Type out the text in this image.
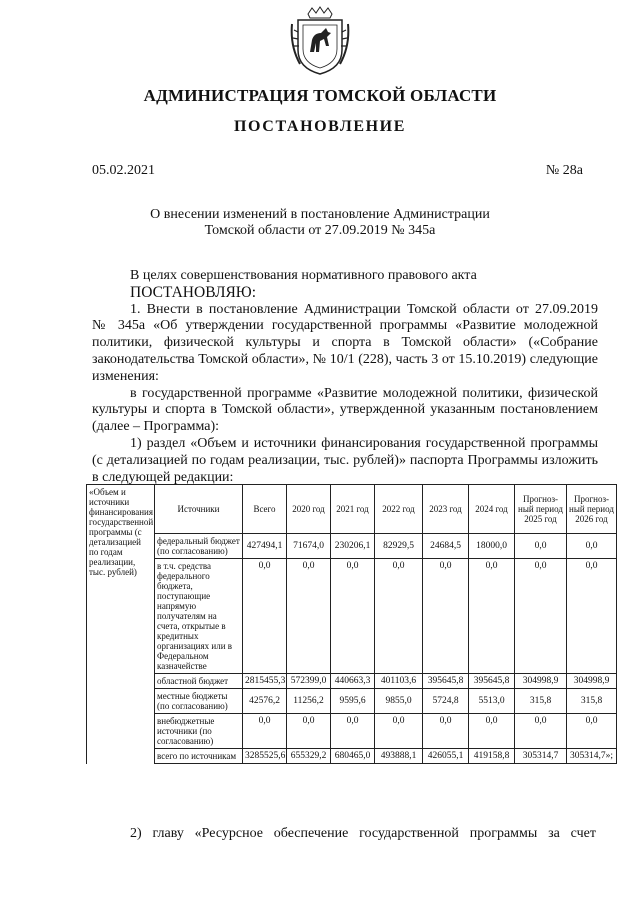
АДМИНИСТРАЦИЯ ТОМСКОЙ ОБЛАСТИ
ПОСТАНОВЛЕНИЕ
05.02.2021	№ 28а
О внесении изменений в постановление Администрации
Томской области от 27.09.2019 № 345а

В целях совершенствования нормативного правового акта

ПОСТАНОВЛЯЮ:

1. Внести в постановление Администрации Томской области от 27.09.2019

№ 345а «Об утверждении государственной программы «Развитие молодежной политики, физической культуры и спорта в Томской области» («Собрание законодательства Томской области», № 10/1 (228), часть 3 от 15.10.2019) следующие изменения:

в государственной программе «Развитие молодежной политики, физической культуры и спорта в Томской области», утвержденной указанным постановлением (далее – Программа):

1) раздел «Объем и источники финансирования государственной программы (с детализацией по годам реализации, тыс. рублей)» паспорта Программы изложить в следующей редакции:

«Объем и источники финансирования государственной программы (с детализацией по годам реализации, тыс. рублей)	Источники	Всего	2020 год	2021 год	2022 год	2023 год	2024 год	Прогноз-ный период 2025 год	Прогноз-ный период 2026 год
	федеральный бюджет (по согласованию)	427494,1	71674,0	230206,1	82929,5	24684,5	18000,0	0,0	0,0
	в т.ч. средства федерального бюджета, поступающие напрямую получателям на счета, открытые в кредитных организациях или в Федеральном казначействе	0,0	0,0	0,0	0,0	0,0	0,0	0,0	0,0
	областной бюджет	2815455,3	572399,0	440663,3	401103,6	395645,8	395645,8	304998,9	304998,9
	местные бюджеты (по согласованию)	42576,2	11256,2	9595,6	9855,0	5724,8	5513,0	315,8	315,8
	внебюджетные источники (по согласованию)	0,0	0,0	0,0	0,0	0,0	0,0	0,0	0,0
	всего по источникам	3285525,6	655329,2	680465,0	493888,1	426055,1	419158,8	305314,7	305314,7»;
2) главу «Ресурсное обеспечение государственной программы за счет
